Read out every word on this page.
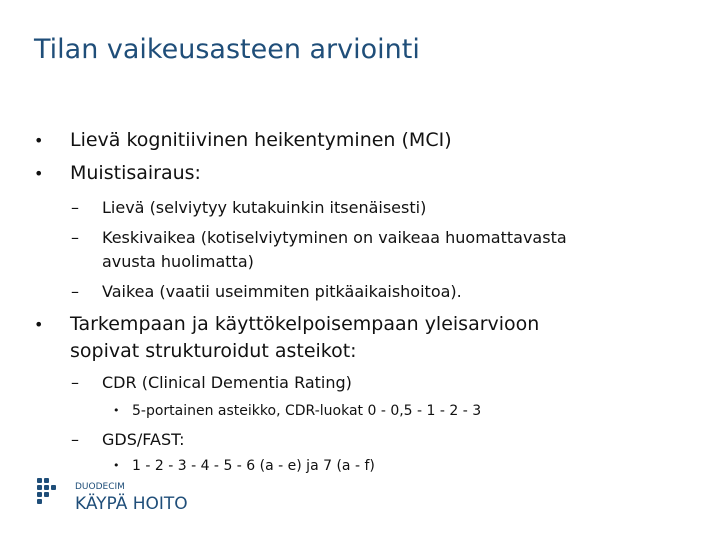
Tilan vaikeusasteen arviointi
• Lievä kognitiivinen heikentyminen (MCI)
• Muistisairaus:
– Lievä (selviytyy kutakuinkin itsenäisesti)
– Keskivaikea (kotiselviytyminen on vaikeaa huomattavasta
avusta huolimatta)
– Vaikea (vaatii useimmiten pitkäaikaishoitoa).
• Tarkempaan ja käyttökelpoisempaan yleisarvioon
sopivat strukturoidut asteikot:
– CDR (Clinical Dementia Rating)
• 5-portainen asteikko, CDR-luokat 0 - 0,5 - 1 - 2 - 3
– GDS/FAST:
• 1 - 2 - 3 - 4 - 5 - 6 (a - e) ja 7 (a - f)
DUODECIM
KÄYPÄ HOITO
